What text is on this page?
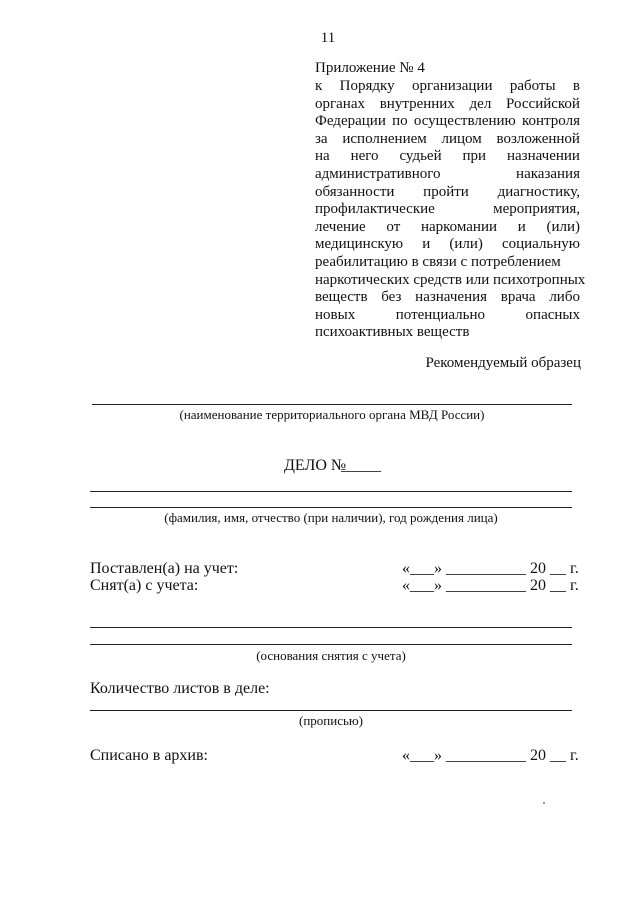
11
Приложение № 4
к Порядку организации работы в
органах внутренних дел Российской
Федерации по осуществлению контроля
за исполнением лицом возложенной
на него судьей при назначении
административного	наказания
обязанности пройти диагностику,
профилактические	мероприятия,
лечение от наркомании и (или)
медицинскую и (или) социальную
реабилитацию в связи с потреблением
наркотических средств или психотропных
веществ без назначения врача либо
новых	потенциально	опасных
психоактивных веществ
Рекомендуемый образец
(наименование территориального органа МВД России)
ДЕЛО №
_____
(фамилия, имя, отчество (при наличии), год рождения лица)
Поставлен(а) на учет:	«___» __________ 20 __ г.
Снят(а) с учета:	«___» __________ 20 __ г.
(основания снятия с учета)
Количество листов в деле:
(прописью)
Списано в архив:	«___» __________ 20 __ г.
